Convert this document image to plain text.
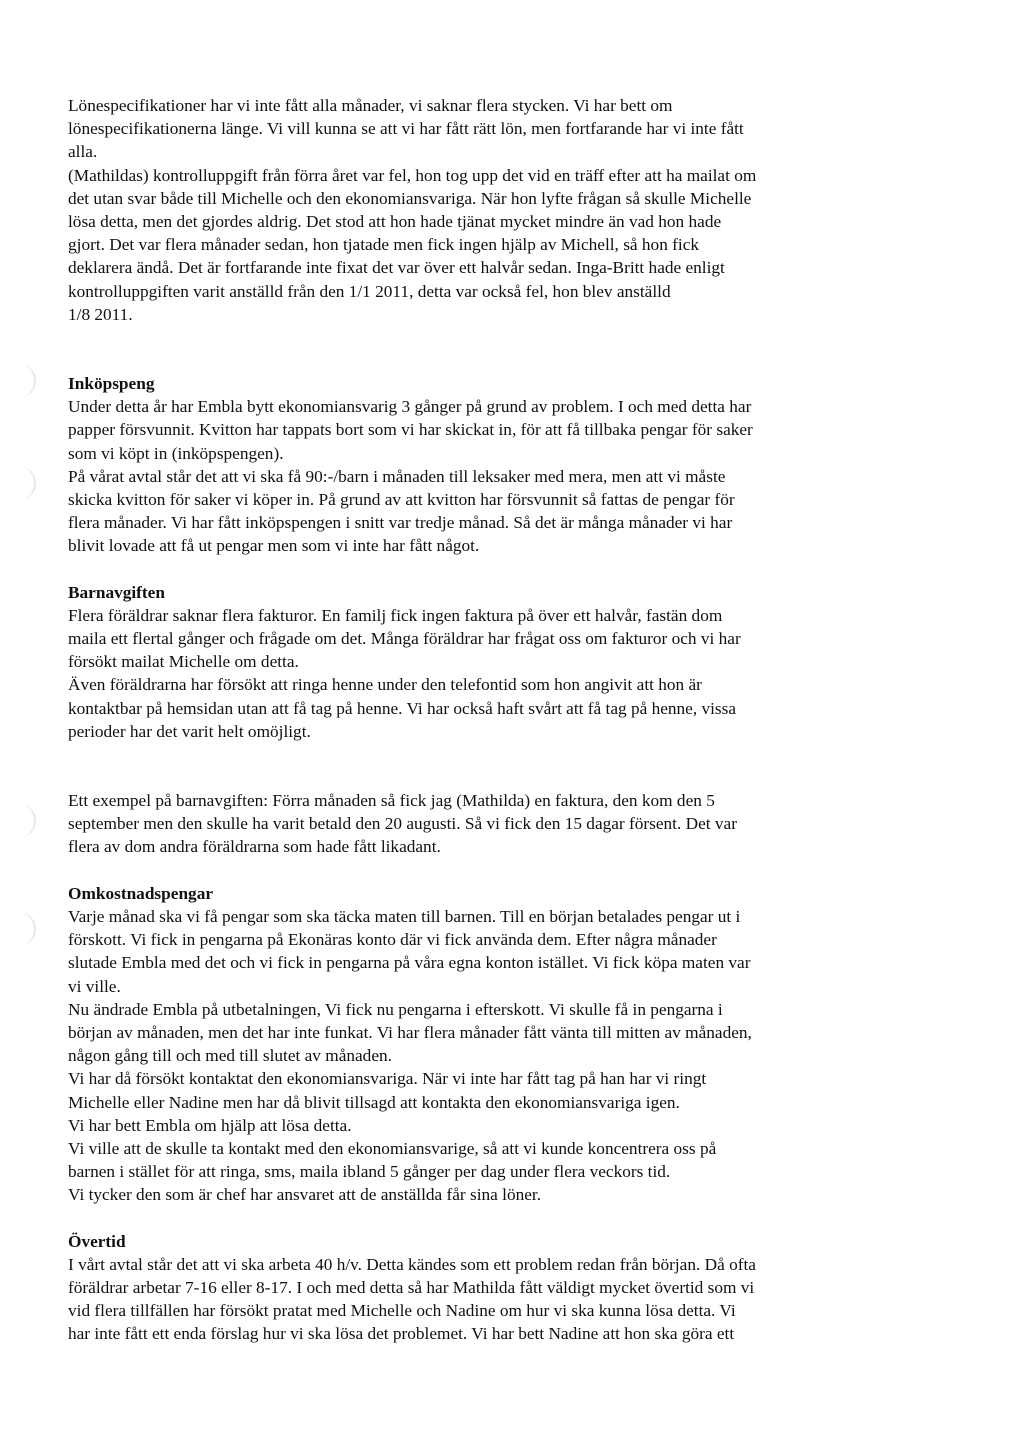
Lönespecifikationer har vi inte fått alla månader, vi saknar flera stycken. Vi har bett om
lönespecifikationerna länge. Vi vill kunna se att vi har fått rätt lön, men fortfarande har vi inte fått
alla.
(Mathildas) kontrolluppgift från förra året var fel, hon tog upp det vid en träff efter att ha mailat om
det utan svar både till Michelle och den ekonomiansvariga. När hon lyfte frågan så skulle Michelle
lösa detta, men det gjordes aldrig. Det stod att hon hade tjänat mycket mindre än vad hon hade
gjort. Det var flera månader sedan, hon tjatade men fick ingen hjälp av Michell, så hon fick
deklarera ändå. Det är fortfarande inte fixat det var över ett halvår sedan. Inga-Britt hade enligt
kontrolluppgiften varit anställd från den 1/1 2011, detta var också fel, hon blev anställd
1/8 2011.

Inköpspeng

Under detta år har Embla bytt ekonomiansvarig 3 gånger på grund av problem. I och med detta har
papper försvunnit. Kvitton har tappats bort som vi har skickat in, för att få tillbaka pengar för saker
som vi köpt in (inköpspengen).

På vårat avtal står det att vi ska få 90:-/barn i månaden till leksaker med mera, men att vi måste
skicka kvitton för saker vi köper in. På grund av att kvitton har försvunnit så fattas de pengar för
flera månader. Vi har fått inköpspengen i snitt var tredje månad. Så det är många månader vi har
blivit lovade att få ut pengar men som vi inte har fått något.

Barnavgiften

Flera föräldrar saknar flera fakturor. En familj fick ingen faktura på över ett halvår, fastän dom
maila ett flertal gånger och frågade om det. Många föräldrar har frågat oss om fakturor och vi har
försökt mailat Michelle om detta.

Även föräldrarna har försökt att ringa henne under den telefontid som hon angivit att hon är
kontaktbar på hemsidan utan att få tag på henne. Vi har också haft svårt att få tag på henne, vissa
perioder har det varit helt omöjligt.

Ett exempel på barnavgiften: Förra månaden så fick jag (Mathilda) en faktura, den kom den 5
september men den skulle ha varit betald den 20 augusti. Så vi fick den 15 dagar försent. Det var
flera av dom andra föräldrarna som hade fått likadant.

Omkostnadspengar

Varje månad ska vi få pengar som ska täcka maten till barnen. Till en början betalades pengar ut i
förskott. Vi fick in pengarna på Ekonäras konto där vi fick använda dem. Efter några månader
slutade Embla med det och vi fick in pengarna på våra egna konton istället. Vi fick köpa maten var
vi ville.

Nu ändrade Embla på utbetalningen, Vi fick nu pengarna i efterskott. Vi skulle få in pengarna i
början av månaden, men det har inte funkat. Vi har flera månader fått vänta till mitten av månaden,
någon gång till och med till slutet av månaden.

Vi har då försökt kontaktat den ekonomiansvariga. När vi inte har fått tag på han har vi ringt
Michelle eller Nadine men har då blivit tillsagd att kontakta den ekonomiansvariga igen.

Vi har bett Embla om hjälp att lösa detta.

Vi ville att de skulle ta kontakt med den ekonomiansvarige, så att vi kunde koncentrera oss på
barnen i stället för att ringa, sms, maila ibland 5 gånger per dag under flera veckors tid.

Vi tycker den som är chef har ansvaret att de anställda får sina löner.

Övertid

I vårt avtal står det att vi ska arbeta 40 h/v. Detta kändes som ett problem redan från början. Då ofta
föräldrar arbetar 7-16 eller 8-17. I och med detta så har Mathilda fått väldigt mycket övertid som vi
vid flera tillfällen har försökt pratat med Michelle och Nadine om hur vi ska kunna lösa detta. Vi
har inte fått ett enda förslag hur vi ska lösa det problemet. Vi har bett Nadine att hon ska göra ett
